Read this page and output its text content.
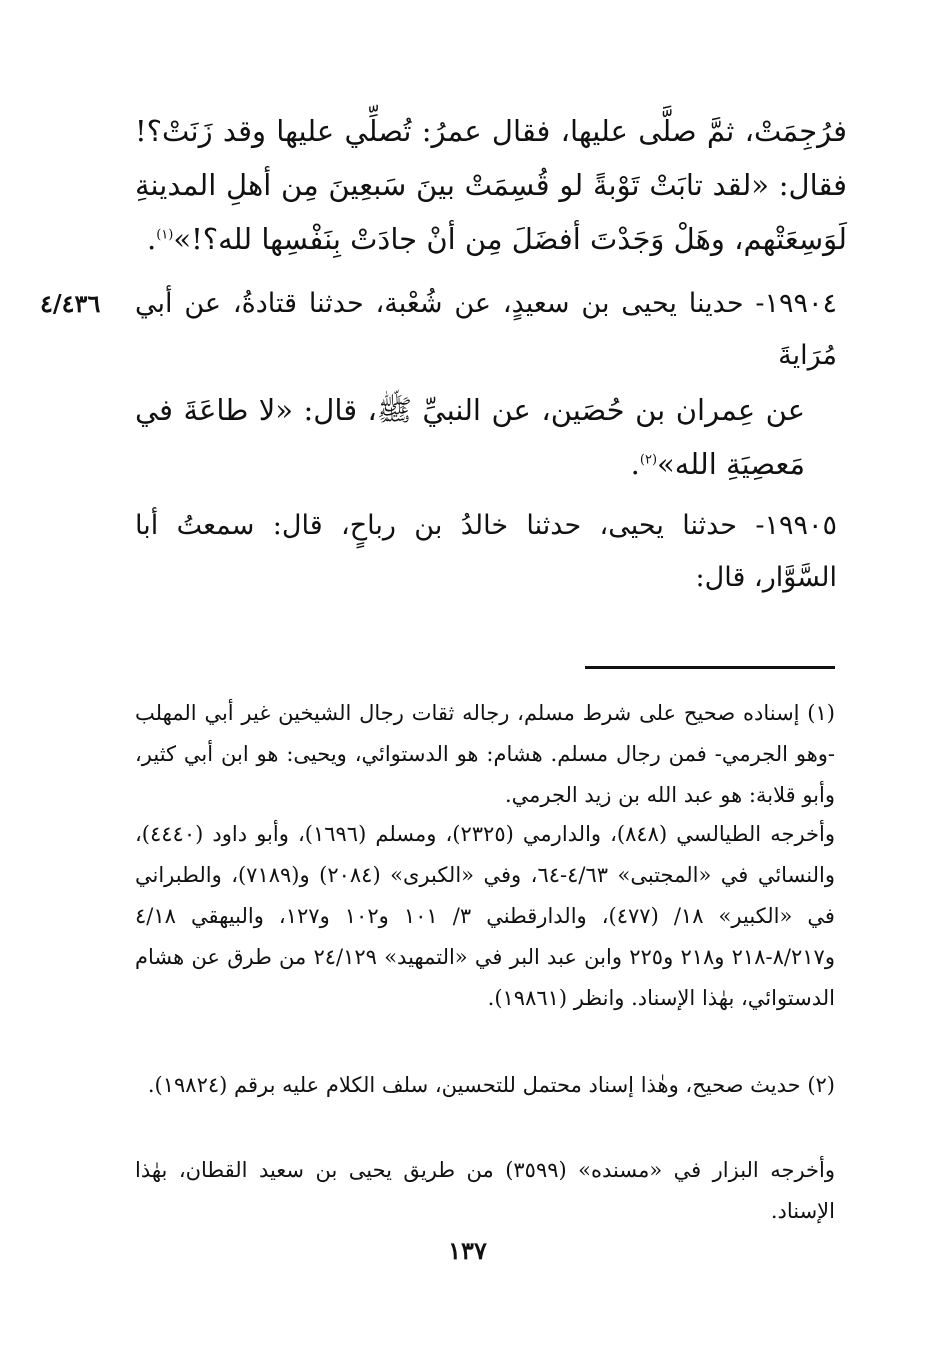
فرُجِمَتْ، ثمَّ صلَّى عليها، فقال عمرُ: تُصلِّي عليها وقد زَنَتْ؟! فقال: «لقد تابَتْ تَوْبةً لو قُسِمَتْ بينَ سَبعِينَ مِن أهلِ المدينةِ لَوَسِعَتْهم، وهَلْ وَجَدْتَ أفضَلَ مِن أنْ جادَتْ بِنَفْسِها لله؟!»$^{(١)}$.
٤/٤٣٦ ١٩٩٠٤- حدينا يحيى بن سعيدٍ، عن شُعْبة، حدثنا قتادةُ، عن أبي مُرَايةَ
عن عِمران بن حُصَين، عن النبيِّ ﷺ، قال: «لا طاعَةَ في مَعصِيَةِ الله»$^{(٢)}$.
١٩٩٠٥- حدثنا يحيى، حدثنا خالدُ بن رباحٍ، قال: سمعتُ أبا السَّوَّار، قال:
(١) إسناده صحيح على شرط مسلم، رجاله ثقات رجال الشيخين غير أبي المهلب -وهو الجرمي- فمن رجال مسلم. هشام: هو الدستوائي، ويحيى: هو ابن أبي كثير، وأبو قلابة: هو عبد الله بن زيد الجرمي.
وأخرجه الطيالسي (٨٤٨)، والدارمي (٢٣٢٥)، ومسلم (١٦٩٦)، وأبو داود (٤٤٤٠)، والنسائي في «المجتبى» ٤/٦٣-٦٤، وفي «الكبرى» (٢٠٨٤) و(٧١٨٩)، والطبراني في «الكبير» ١٨/ (٤٧٧)، والدارقطني ٣/ ١٠١ و١٠٢ و١٢٧، والبيهقي ٤/١٨ و٨/٢١٧-٢١٨ و٢١٨ و٢٢٥ وابن عبد البر في «التمهيد» ٢٤/١٢٩ من طرق عن هشام الدستوائي، بهٰذا الإسناد. وانظر (١٩٨٦١).
(٢) حديث صحيح، وهٰذا إسناد محتمل للتحسين، سلف الكلام عليه برقم (١٩٨٢٤).
وأخرجه البزار في «مسنده» (٣٥٩٩) من طريق يحيى بن سعيد القطان، بهٰذا الإسناد.
١٣٧
